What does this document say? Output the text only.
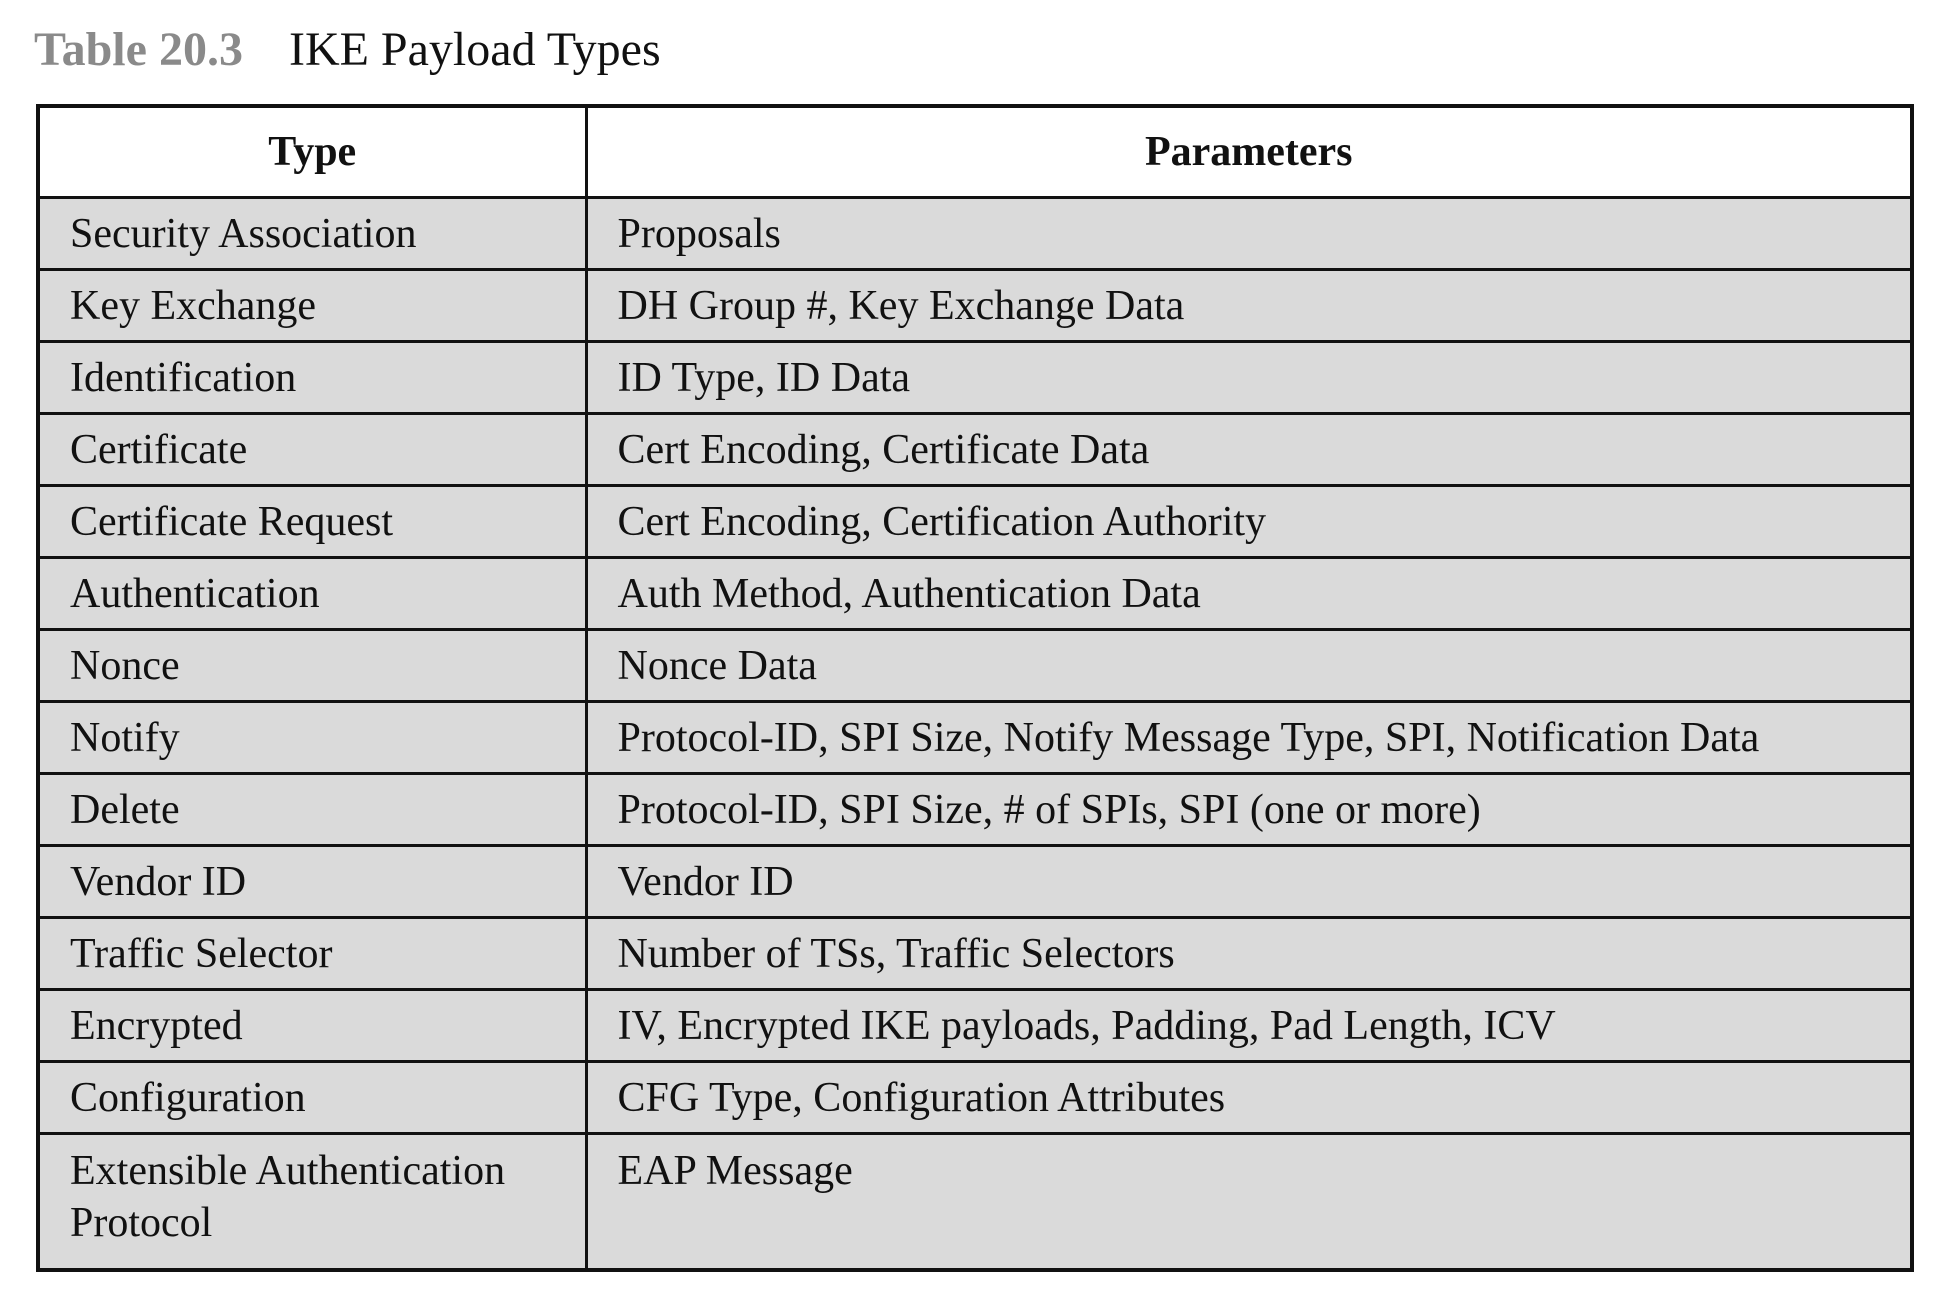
Table 20.3 IKE Payload Types
Type	Parameters
Security Association	Proposals
Key Exchange	DH Group #, Key Exchange Data
Identification	ID Type, ID Data
Certificate	Cert Encoding, Certificate Data
Certificate Request	Cert Encoding, Certification Authority
Authentication	Auth Method, Authentication Data
Nonce	Nonce Data
Notify	Protocol-ID, SPI Size, Notify Message Type, SPI, Notification Data
Delete	Protocol-ID, SPI Size, # of SPIs, SPI (one or more)
Vendor ID	Vendor ID
Traffic Selector	Number of TSs, Traffic Selectors
Encrypted	IV, Encrypted IKE payloads, Padding, Pad Length, ICV
Configuration	CFG Type, Configuration Attributes
Extensible Authentication Protocol	EAP Message
